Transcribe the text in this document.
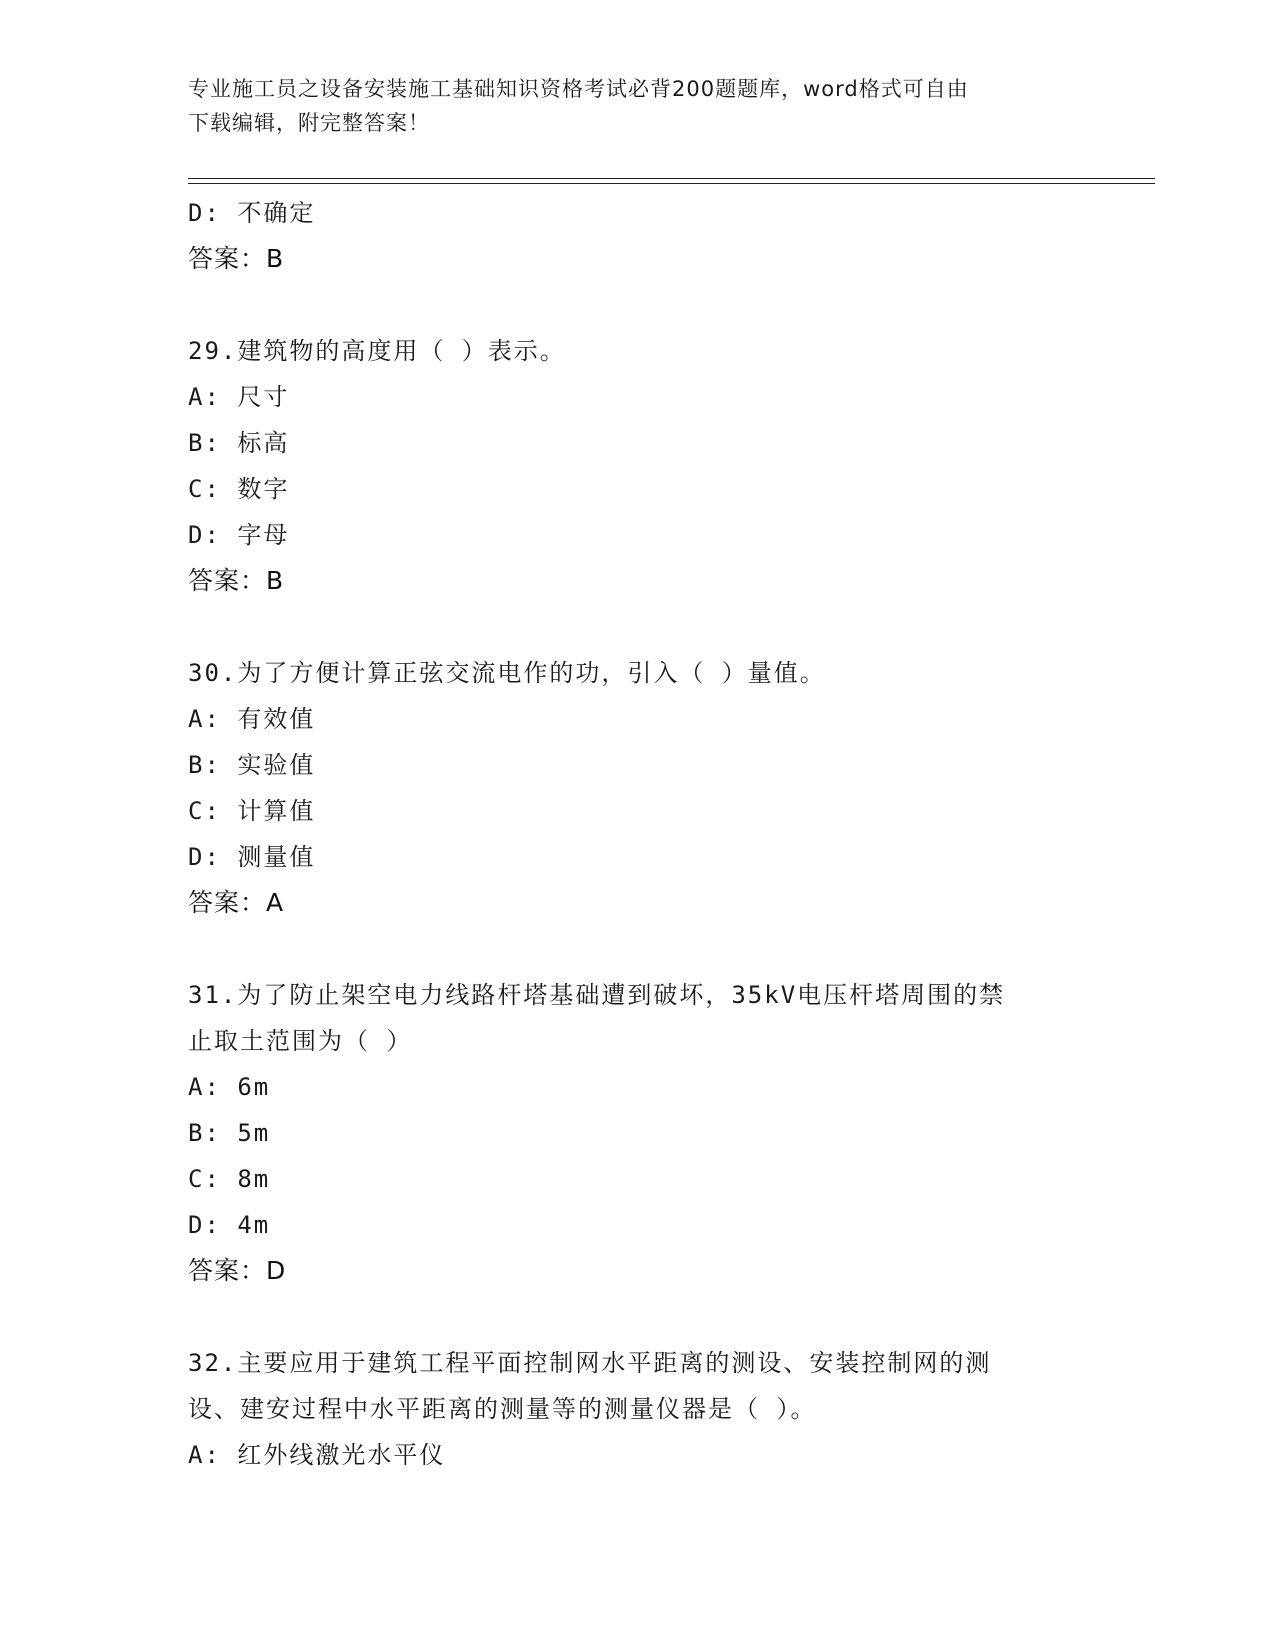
专业施工员之设备安装施工基础知识资格考试必背200题题库，word格式可自由
下载编辑，附完整答案！
D: 不确定
答案：B
29.建筑物的高度用（ ）表示。
A: 尺寸
B: 标高
C: 数字
D: 字母
答案：B
30.为了方便计算正弦交流电作的功，引入（ ）量值。
A: 有效值
B: 实验值
C: 计算值
D: 测量值
答案：A
31.为了防止架空电力线路杆塔基础遭到破坏，35kV电压杆塔周围的禁
止取土范围为（ ）
A: 6m
B: 5m
C: 8m
D: 4m
答案：D
32.主要应用于建筑工程平面控制网水平距离的测设、安装控制网的测
设、建安过程中水平距离的测量等的测量仪器是（ ）。
A: 红外线激光水平仪
